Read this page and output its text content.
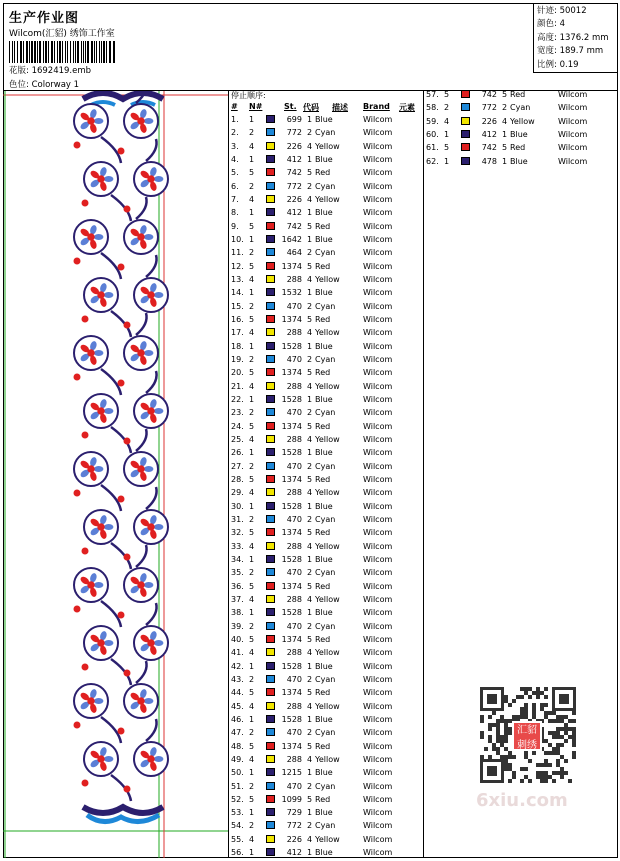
生产作业图
Wilcom(汇貂) 绣饰工作室
花版: 1692419.emb
色位: Colorway 1
针迹: 50012
颜色: 4
高度: 1376.2 mm
宽度: 189.7 mm
比例: 0.19
停止顺序:
# N#	St. 代码 描述 Brand 元素
1. 1	699 1 Blue	Wilcom
2. 2	772 2 Cyan	Wilcom
3. 4	226 4 Yellow	Wilcom
4. 1	412 1 Blue	Wilcom
5. 5	742 5 Red	Wilcom
6. 2	772 2 Cyan	Wilcom
7. 4	226 4 Yellow	Wilcom
8. 1	412 1 Blue	Wilcom
9. 5	742 5 Red	Wilcom
10. 1	1642 1 Blue	Wilcom
11. 2	464 2 Cyan	Wilcom
12. 5	1374 5 Red	Wilcom
13. 4	288 4 Yellow	Wilcom
14. 1	1532 1 Blue	Wilcom
15. 2	470 2 Cyan	Wilcom
16. 5	1374 5 Red	Wilcom
17. 4	288 4 Yellow	Wilcom
18. 1	1528 1 Blue	Wilcom
19. 2	470 2 Cyan	Wilcom
20. 5	1374 5 Red	Wilcom
21. 4	288 4 Yellow	Wilcom
22. 1	1528 1 Blue	Wilcom
23. 2	470 2 Cyan	Wilcom
24. 5	1374 5 Red	Wilcom
25. 4	288 4 Yellow	Wilcom
26. 1	1528 1 Blue	Wilcom
27. 2	470 2 Cyan	Wilcom
28. 5	1374 5 Red	Wilcom
29. 4	288 4 Yellow	Wilcom
30. 1	1528 1 Blue	Wilcom
31. 2	470 2 Cyan	Wilcom
32. 5	1374 5 Red	Wilcom
33. 4	288 4 Yellow	Wilcom
34. 1	1528 1 Blue	Wilcom
35. 2	470 2 Cyan	Wilcom
36. 5	1374 5 Red	Wilcom
37. 4	288 4 Yellow	Wilcom
38. 1	1528 1 Blue	Wilcom
39. 2	470 2 Cyan	Wilcom
40. 5	1374 5 Red	Wilcom
41. 4	288 4 Yellow	Wilcom
42. 1	1528 1 Blue	Wilcom
43. 2	470 2 Cyan	Wilcom
44. 5	1374 5 Red	Wilcom
45. 4	288 4 Yellow	Wilcom
46. 1	1528 1 Blue	Wilcom
47. 2	470 2 Cyan	Wilcom
48. 5	1374 5 Red	Wilcom
49. 4	288 4 Yellow	Wilcom
50. 1	1215 1 Blue	Wilcom
51. 2	470 2 Cyan	Wilcom
52. 5	1099 5 Red	Wilcom
53. 1	729 1 Blue	Wilcom
54. 2	772 2 Cyan	Wilcom
55. 4	226 4 Yellow	Wilcom
56. 1	412 1 Blue	Wilcom
57. 5	742 5 Red	Wilcom
58. 2	772 2 Cyan	Wilcom
59. 4	226 4 Yellow	Wilcom
60. 1	412 1 Blue	Wilcom
61. 5	742 5 Red	Wilcom
62. 1	478 1 Blue	Wilcom
汇貂刺绣
6xiu.com
